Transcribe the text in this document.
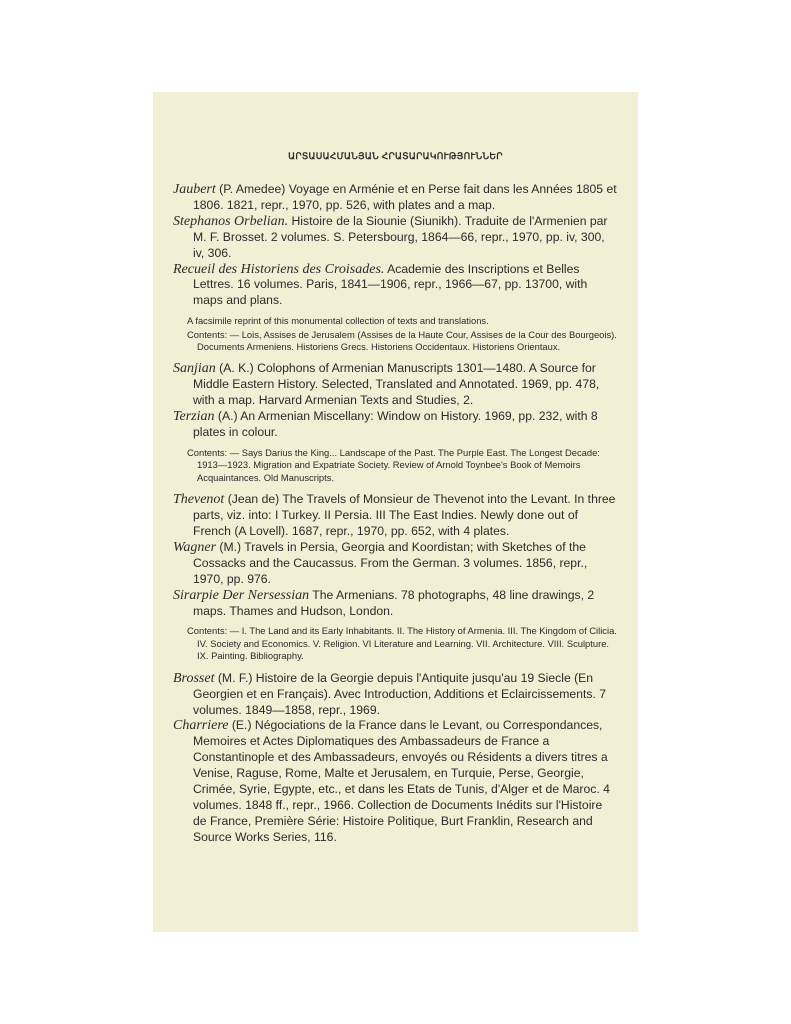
ԱՐՏԱՍԱՀՄԱՆՅԱՆ ՀՐԱՏԱՐԱԿՈՒԹՅՈՒՆՆԵՐ

Jaubert (P. Amedee) Voyage en Arménie et en Perse fait dans les Années 1805 et 1806. 1821, repr., 1970, pp. 526, with plates and a map.

Stephanos Orbelian. Histoire de la Siounie (Siunikh). Traduite de l'Armenien par M. F. Brosset. 2 volumes. S. Petersbourg, 1864—66, repr., 1970, pp. iv, 300, iv, 306.

Recueil des Historiens des Croisades. Academie des Inscriptions et Belles Lettres. 16 volumes. Paris, 1841—1906, repr., 1966—67, pp. 13700, with maps and plans.

A facsimile reprint of this monumental collection of texts and translations.

Contents: — Lois, Assises de Jerusalem (Assises de la Haute Cour, Assises de la Cour des Bourgeois). Documents Armeniens. Historiens Grecs. Historiens Occidentaux. Historiens Orientaux.

Sanjian (A. K.) Colophons of Armenian Manuscripts 1301—1480. A Source for Middle Eastern History. Selected, Translated and Annotated. 1969, pp. 478, with a map. Harvard Armenian Texts and Studies, 2.

Terzian (A.) An Armenian Miscellany: Window on History. 1969, pp. 232, with 8 plates in colour.

Contents: — Says Darius the King... Landscape of the Past. The Purple East. The Longest Decade: 1913—1923. Migration and Expatriate Society. Review of Arnold Toynbee's Book of Memoirs Acquaintances. Old Manuscripts.

Thevenot (Jean de) The Travels of Monsieur de Thevenot into the Levant. In three parts, viz. into: I Turkey. II Persia. III The East Indies. Newly done out of French (A Lovell). 1687, repr., 1970, pp. 652, with 4 plates.

Wagner (M.) Travels in Persia, Georgia and Koordistan; with Sketches of the Cossacks and the Caucassus. From the German. 3 volumes. 1856, repr., 1970, pp. 976.

Sirarpie Der Nersessian The Armenians. 78 photographs, 48 line drawings, 2 maps. Thames and Hudson, London.

Contents: — I. The Land and its Early Inhabitants. II. The History of Armenia. III. The Kingdom of Cilicia. IV. Society and Economics. V. Religion. VI Literature and Learning. VII. Architecture. VIII. Sculpture. IX. Painting. Bibliography.

Brosset (M. F.) Histoire de la Georgie depuis l'Antiquite jusqu'au 19 Siecle (En Georgien et en Français). Avec Introduction, Additions et Eclaircissements. 7 volumes. 1849—1858, repr., 1969.

Charriere (E.) Négociations de la France dans le Levant, ou Correspondances, Memoires et Actes Diplomatiques des Ambassadeurs de France a Constantinople et des Ambassadeurs, envoyés ou Résidents a divers titres a Venise, Raguse, Rome, Malte et Jerusalem, en Turquie, Perse, Georgie, Crimée, Syrie, Egypte, etc., et dans les Etats de Tunis, d'Alger et de Maroc. 4 volumes. 1848 ff., repr., 1966. Collection de Documents Inédits sur l'Histoire de France, Première Série: Histoire Politique, Burt Franklin, Research and Source Works Series, 116.
